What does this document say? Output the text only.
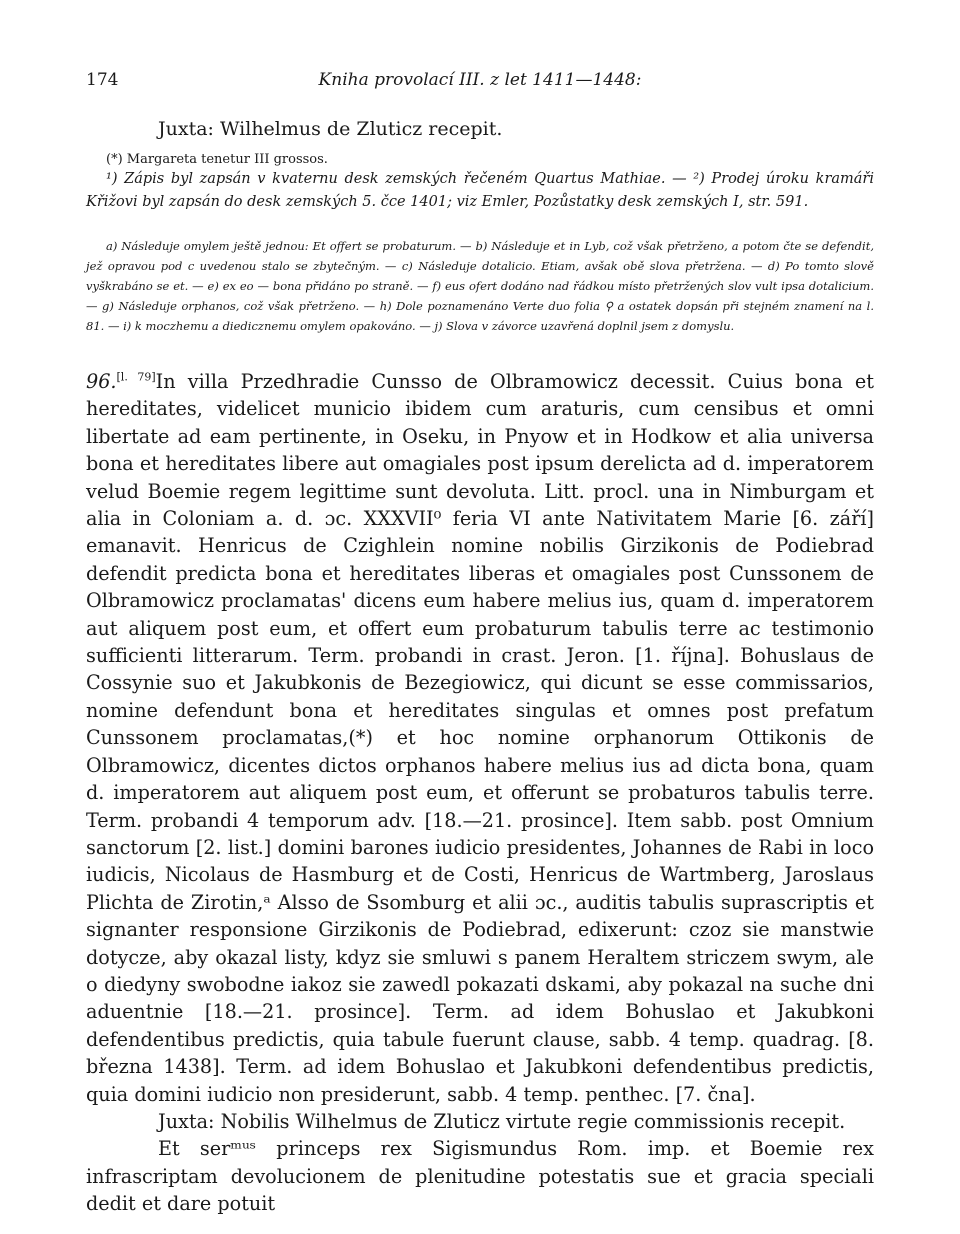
174	Kniha provolací III. z let 1411—1448:

Juxta: Wilhelmus de Zluticz recepit.

(*) Margareta tenetur III grossos.

¹) Zápis byl zapsán v kvaternu desk zemských řečeném Quartus Mathiae. — ²) Prodej úroku kramáři Křižovi byl zapsán do desk zemských 5. čce 1401; viz Emler, Pozůstatky desk zemských I, str. 591.

a) Následuje omylem ještě jednou: Et offert se probaturum. — b) Následuje et in Lyb, což však přetrženo, a potom čte se defendit, jež opravou pod c uvedenou stalo se zbytečným. — c) Následuje dotalicio. Etiam, avšak obě slova přetržena. — d) Po tomto slově vyškrabáno se et. — e) ex eo — bona přidáno po straně. — f) eus ofert dodáno nad řádkou místo přetržených slov vult ipsa dotalicium. — g) Následuje orphanos, což však přetrženo. — h) Dole poznamenáno Verte duo folia ⚲ a ostatek dopsán při stejném znamení na l. 81. — i) k moczhemu a diedicznemu omylem opakováno. — j) Slova v závorce uzavřená doplnil jsem z domyslu.

96.[l. 79]In villa Przedhradie Cunsso de Olbramowicz decessit. Cuius bona et hereditates, videlicet municio ibidem cum araturis, cum censibus et omni libertate ad eam pertinente, in Oseku, in Pnyow et in Hodkow et alia universa bona et hereditates libere aut omagiales post ipsum derelicta ad d. imperatorem velud Boemie regem legittime sunt devoluta. Litt. procl. una in Nimburgam et alia in Coloniam a. d. ɔc. XXXVII⁰ feria VI ante Nativitatem Marie [6. září] emanavit. Henricus de Czighlein nomine nobilis Girzikonis de Podiebrad defendit predicta bona et hereditates liberas et omagiales post Cunssonem de Olbramowicz proclamatas' dicens eum habere melius ius, quam d. imperatorem aut aliquem post eum, et offert eum probaturum tabulis terre ac testimonio sufficienti litterarum. Term. probandi in crast. Jeron. [1. října]. Bohuslaus de Cossynie suo et Jakubkonis de Bezegiowicz, qui dicunt se esse commissarios, nomine defendunt bona et hereditates singulas et omnes post prefatum Cunssonem proclamatas,(*) et hoc nomine orphanorum Ottikonis de Olbramowicz, dicentes dictos orphanos habere melius ius ad dicta bona, quam d. imperatorem aut aliquem post eum, et offerunt se probaturos tabulis terre. Term. probandi 4 temporum adv. [18.—21. prosince]. Item sabb. post Omnium sanctorum [2. list.] domini barones iudicio presidentes, Johannes de Rabi in loco iudicis, Nicolaus de Hasmburg et de Costi, Henricus de Wartmberg, Jaroslaus Plichta de Zirotin,ᵃ Alsso de Ssomburg et alii ɔc., auditis tabulis suprascriptis et signanter responsione Girzikonis de Podiebrad, edixerunt: czoz sie manstwie dotycze, aby okazal listy, kdyz sie smluwi s panem Heraltem striczem swym, ale o diedyny swobodne iakoz sie zawedl pokazati dskami, aby pokazal na suche dni aduentnie [18.—21. prosince]. Term. ad idem Bohuslao et Jakubkoni defendentibus predictis, quia tabule fuerunt clause, sabb. 4 temp. quadrag. [8. března 1438]. Term. ad idem Bohuslao et Jakubkoni defendentibus predictis, quia domini iudicio non presiderunt, sabb. 4 temp. penthec. [7. čna].

Juxta: Nobilis Wilhelmus de Zluticz virtute regie commissionis recepit.

Et serᵐᵘˢ princeps rex Sigismundus Rom. imp. et Boemie rex infrascriptam devolucionem de plenitudine potestatis sue et gracia speciali dedit et dare potuit
